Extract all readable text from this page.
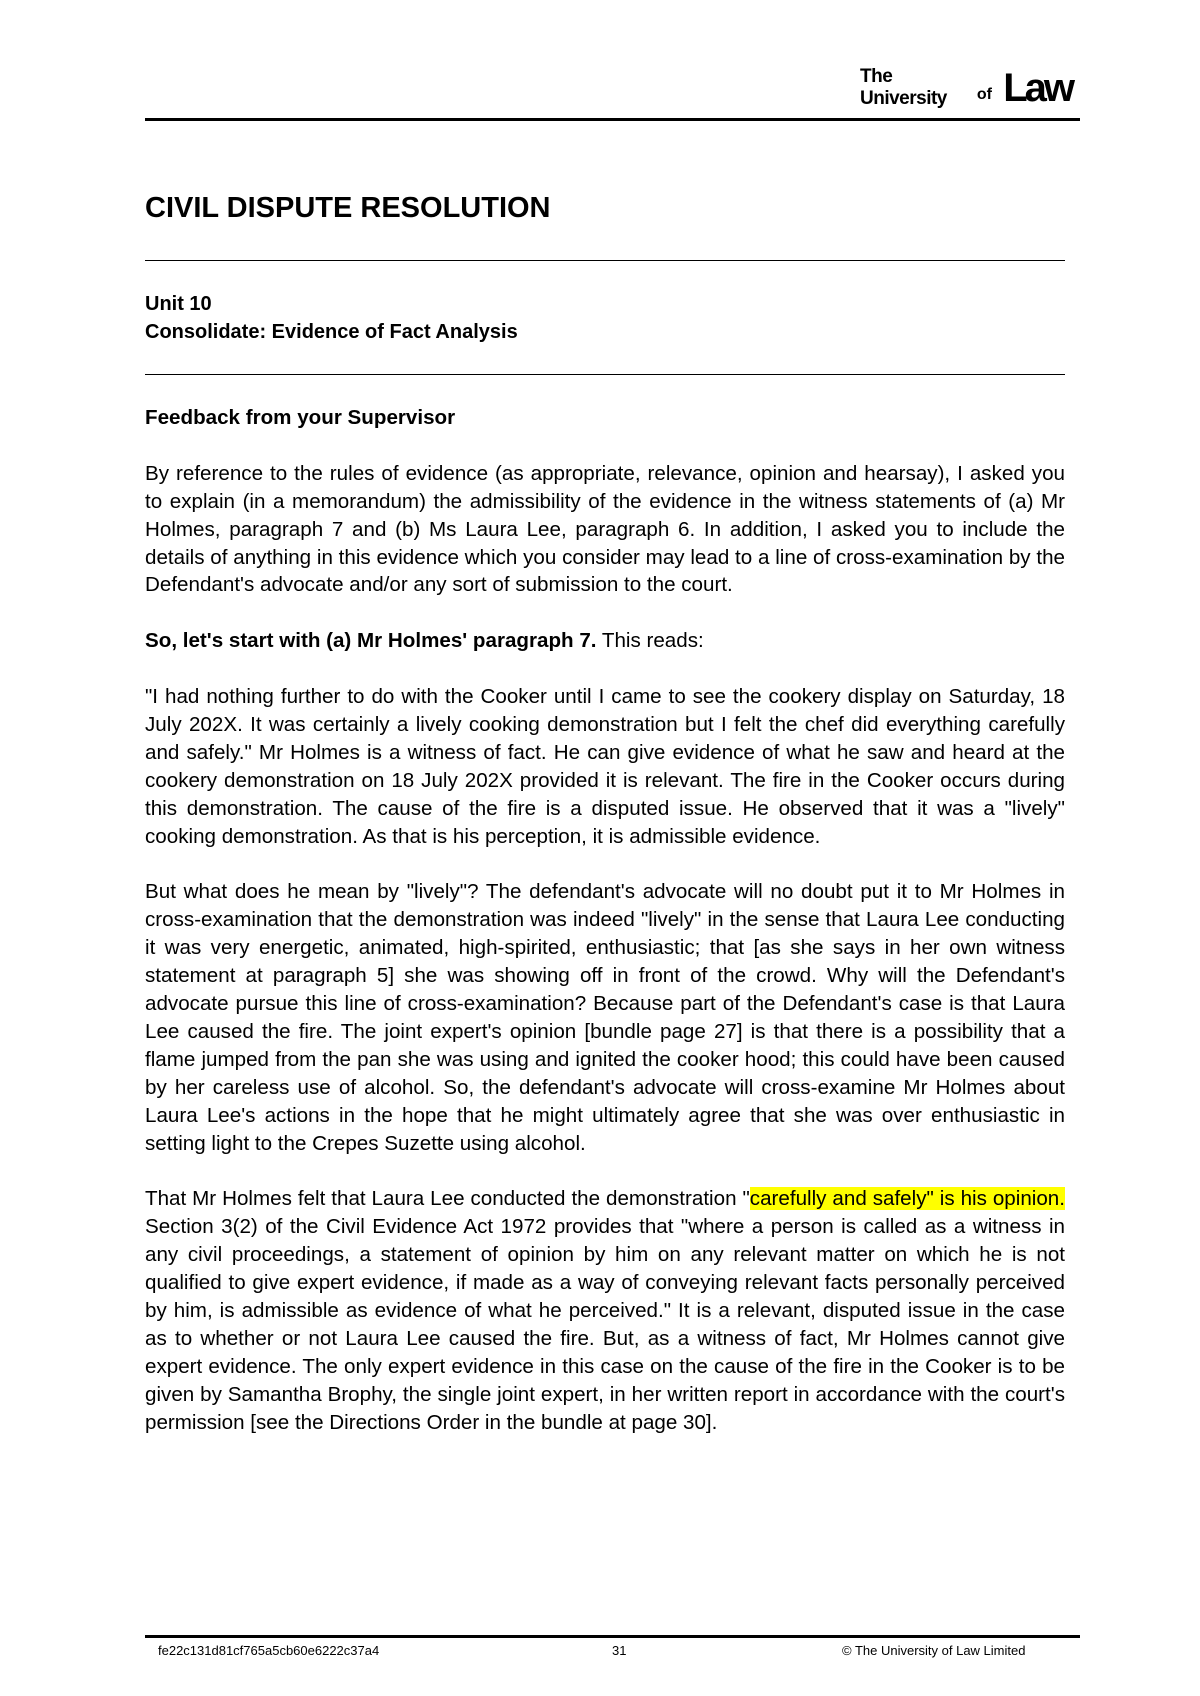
The University	of Law
CIVIL DISPUTE RESOLUTION
Unit 10
Consolidate: Evidence of Fact Analysis
Feedback from your Supervisor

By reference to the rules of evidence (as appropriate, relevance, opinion and hearsay), I asked you to explain (in a memorandum) the admissibility of the evidence in the witness statements of (a) Mr Holmes, paragraph 7 and (b) Ms Laura Lee, paragraph 6. In addition, I asked you to include the details of anything in this evidence which you consider may lead to a line of cross-examination by the Defendant's advocate and/or any sort of submission to the court.

So, let's start with (a) Mr Holmes' paragraph 7. This reads:

"I had nothing further to do with the Cooker until I came to see the cookery display on Saturday, 18 July 202X. It was certainly a lively cooking demonstration but I felt the chef did everything carefully and safely." Mr Holmes is a witness of fact. He can give evidence of what he saw and heard at the cookery demonstration on 18 July 202X provided it is relevant. The fire in the Cooker occurs during this demonstration. The cause of the fire is a disputed issue. He observed that it was a "lively" cooking demonstration. As that is his perception, it is admissible evidence.

But what does he mean by "lively"? The defendant's advocate will no doubt put it to Mr Holmes in cross-examination that the demonstration was indeed "lively" in the sense that Laura Lee conducting it was very energetic, animated, high-spirited, enthusiastic; that [as she says in her own witness statement at paragraph 5] she was showing off in front of the crowd. Why will the Defendant's advocate pursue this line of cross-examination? Because part of the Defendant's case is that Laura Lee caused the fire. The joint expert's opinion [bundle page 27] is that there is a possibility that a flame jumped from the pan she was using and ignited the cooker hood; this could have been caused by her careless use of alcohol. So, the defendant's advocate will cross-examine Mr Holmes about Laura Lee's actions in the hope that he might ultimately agree that she was over enthusiastic in setting light to the Crepes Suzette using alcohol.

That Mr Holmes felt that Laura Lee conducted the demonstration "carefully and safely" is his opinion. Section 3(2) of the Civil Evidence Act 1972 provides that "where a person is called as a witness in any civil proceedings, a statement of opinion by him on any relevant matter on which he is not qualified to give expert evidence, if made as a way of conveying relevant facts personally perceived by him, is admissible as evidence of what he perceived." It is a relevant, disputed issue in the case as to whether or not Laura Lee caused the fire. But, as a witness of fact, Mr Holmes cannot give expert evidence. The only expert evidence in this case on the cause of the fire in the Cooker is to be given by Samantha Brophy, the single joint expert, in her written report in accordance with the court's permission [see the Directions Order in the bundle at page 30].

fe22c131d81cf765a5cb60e6222c37a4	31	© The University of Law Limited
